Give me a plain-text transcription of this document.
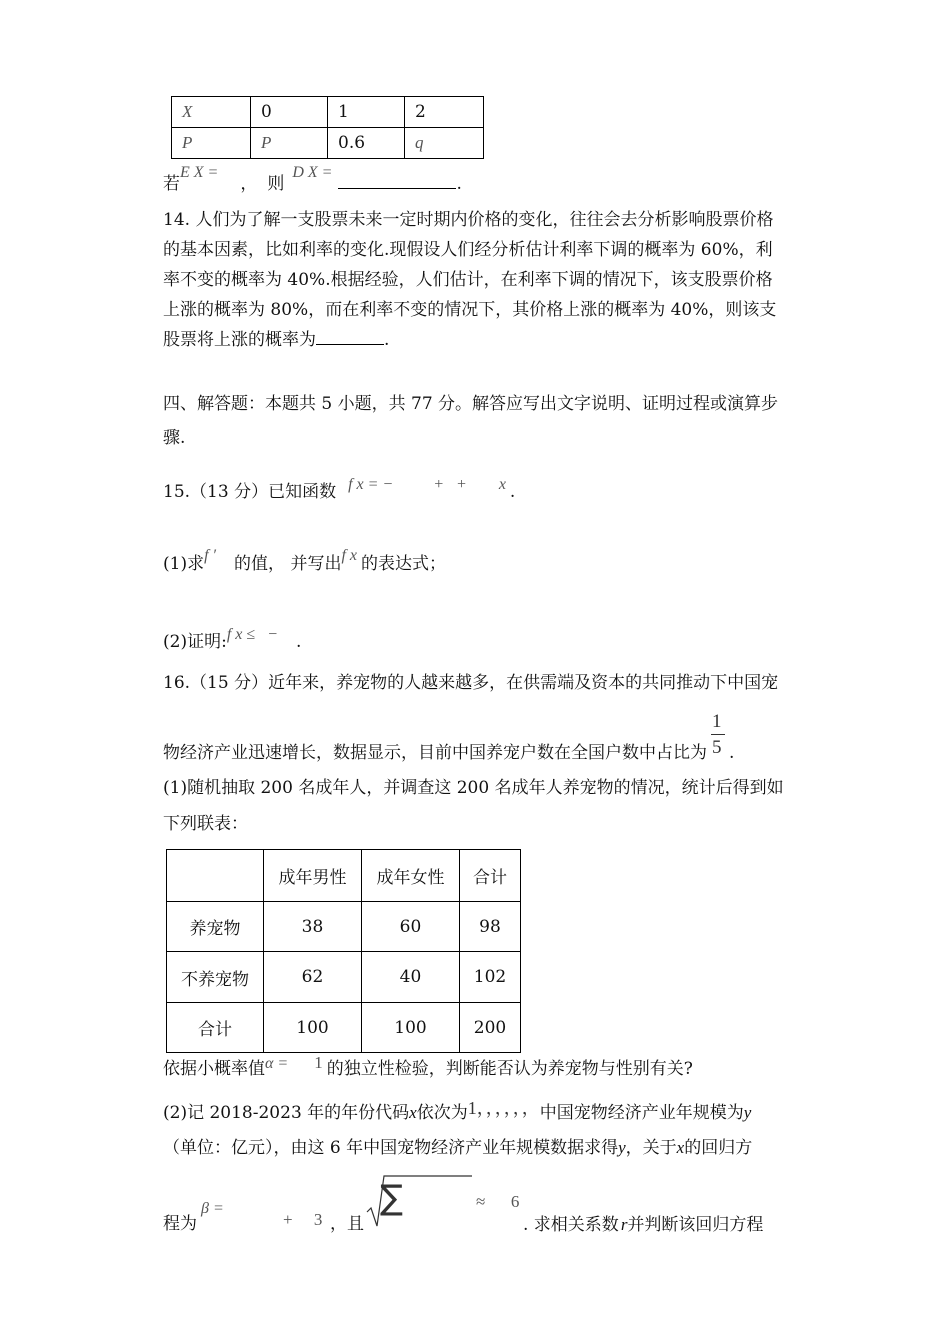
X	0	1	2
P	P	0.6	q
若E X =， 则D X =.
14. 人们为了解一支股票未来一定时期内价格的变化，往往会去分析影响股票价格
的基本因素，比如利率的变化.现假设人们经分析估计利率下调的概率为 60%，利
率不变的概率为 40%.根据经验，人们估计，在利率下调的情况下，该支股票价格
上涨的概率为 80%，而在利率不变的情况下，其价格上涨的概率为 40%，则该支
股票将上涨的概率为	.
四、解答题：本题共 5 小题，共 77 分。解答应写出文字说明、证明过程或演算步
骤.
15.（13 分）已知函数 f x = −          +   +        x .
(1)求f ′ 的值， 并写出f x 的表达式；
(2)证明:f x ≤   − .
16.（15 分）近年来，养宠物的人越来越多，在供需端及资本的共同推动下中国宠
物经济产业迅速增长，数据显示，目前中国养宠户数在全国户数中占比为 $\frac{1}{5}$ .
(1)随机抽取 200 名成年人，并调查这 200 名成年人养宠物的情况，统计后得到如
下列联表：
	成年男性	成年女性	合计
养宠物	38	60	98
不养宠物	62	40	102
合计	100	100	200
依据小概率值α = 1 的独立性检验，判断能否认为养宠物与性别有关?
(2)记 2018-2023 年的年份代码x依次为1，，，，，，中国宠物经济产业年规模为y
（单位：亿元），由这 6 年中国宠物经济产业年规模数据求得y，关于x的回归方
程为
β =
+     3 ，且
∑	≈      6
. 求相关系数 r并判断该回归方程
